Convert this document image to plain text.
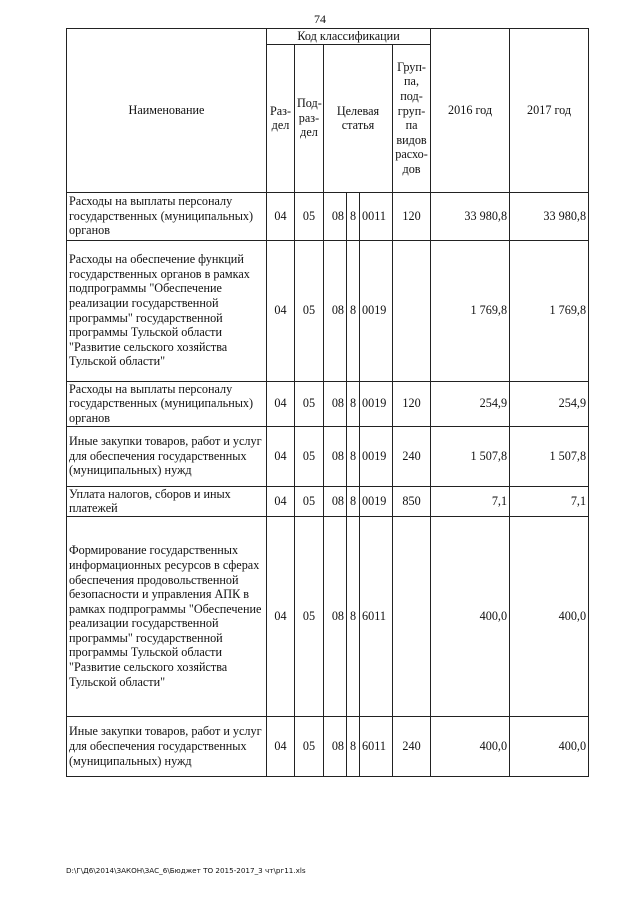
74
Наименование	Код классификации						2016 год	2017 год
	Раз- дел	Под- раз- дел	Целевая статья			Груп- па, под- груп- па видов расхо- дов		
Расходы на выплаты персоналу государственных (муниципальных) органов	04	05	08	8	0011	120	33 980,8	33 980,8
Расходы на обеспечение функций государственных органов в рамках подпрограммы "Обеспечение реализации государственной программы" государственной программы Тульской области "Развитие сельского хозяйства Тульской области"	04	05	08	8	0019		1 769,8	1 769,8
Расходы на выплаты персоналу государственных (муниципальных) органов	04	05	08	8	0019	120	254,9	254,9
Иные закупки товаров, работ и услуг для обеспечения государственных (муниципальных) нужд	04	05	08	8	0019	240	1 507,8	1 507,8
Уплата налогов, сборов и иных платежей	04	05	08	8	0019	850	7,1	7,1
Формирование государственных информационных ресурсов в сферах обеспечения продовольственной безопасности и управления АПК в рамках подпрограммы "Обеспечение реализации государственной программы" государственной программы Тульской области "Развитие сельского хозяйства Тульской области"	04	05	08	8	6011		400,0	400,0
Иные закупки товаров, работ и услуг для обеспечения государственных (муниципальных) нужд	04	05	08	8	6011	240	400,0	400,0
D:\Г\Д6\2014\ЗАКОН\ЗАС_6\Бюджет ТО 2015-2017_3 чт\рг11.xls
